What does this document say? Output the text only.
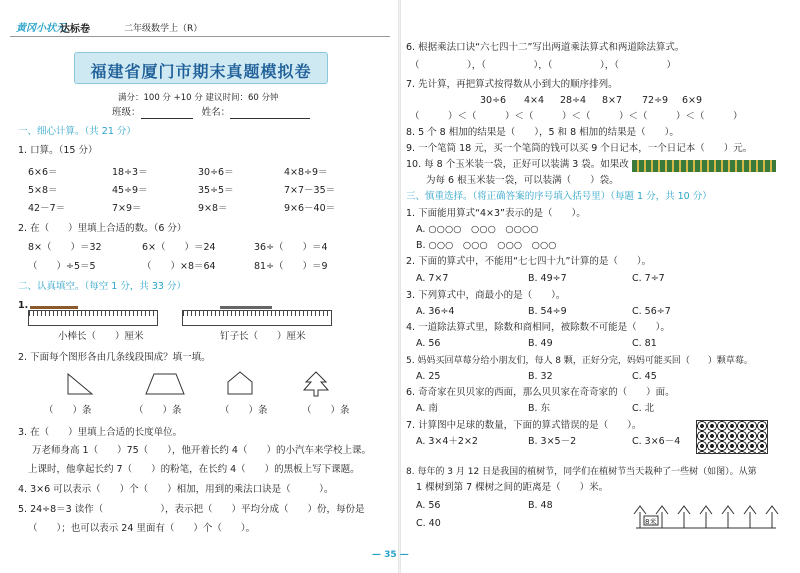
黄冈小状元
达标卷	二年级数学上（R）
福建省厦门市期末真题模拟卷
满分：100 分 +10 分 建议时间：60 分钟
班级：	姓名：
一、细心计算。（共 21 分）
1. 口算。（15 分）
6×6＝	18÷3＝	30÷6＝	4×8÷9＝
5×8＝	45÷9＝	35÷5＝	7×7－35＝
42－7＝	7×9＝	9×8＝	9×6－40＝
2. 在（　　）里填上合适的数。（6 分）
8×（　　）＝32	6×（　　）＝24	36÷（　　）＝4
（　　）÷5＝5	（　　）×8＝64	81÷（　　）＝9
二、认真填空。（每空 1 分，共 33 分）
1.
小棒长（　　）厘米	钉子长（　　）厘米
2. 下面每个图形各由几条线段围成？填一填。
（　　）条	（　　）条	（　　）条	（　　）条
3. 在（　　）里填上合适的长度单位。
万老师身高 1（　　）75（　　），他开着长约 4（　　）的小汽车来学校上课。
上课时，他拿起长约 7（　　）的粉笔，在长约 4（　　）的黑板上写下课题。
4. 3×6 可以表示（　　）个（　　）相加，用到的乘法口诀是（　　　）。
5. 24÷8＝3 读作（　　　　　　），表示把（　　）平均分成（　　）份，每份是
（　　）；也可以表示 24 里面有（　　）个（　　）。
6. 根据乘法口诀“六七四十二”写出两道乘法算式和两道除法算式。
（　　　　　），（　　　　　），（　　　　　），（　　　　　）
7. 先计算，再把算式按得数从小到大的顺序排列。
30÷6 4×4 28÷4 8×7 72÷9 6×9
（　　　）＜（　　　）＜（　　　）＜（　　　）＜（　　　）＜（　　　）
8. 5 个 8 相加的结果是（　　），5 和 8 相加的结果是（　　）。
9. 一个笔筒 18 元，买一个笔筒的钱可以买 9 个日记本，一个日记本（　　）元。
10. 每 8 个玉米装一袋，正好可以装满 3 袋。如果改
为每 6 根玉米装一袋，可以装满（　　）袋。
三、慎重选择。（将正确答案的序号填入括号里）（每题 1 分，共 10 分）
1. 下面能用算式“4×3”表示的是（　　）。
A. ○○○○　○○○　○○○○
B. ○○○　○○○　○○○　○○○
2. 下面的算式中，不能用“七七四十九”计算的是（　　）。
A. 7×7	B. 49÷7	C. 7÷7
3. 下列算式中，商最小的是（　　）。
A. 36÷4	B. 54÷9	C. 56÷7
4. 一道除法算式里，除数和商相同，被除数不可能是（　　）。
A. 56	B. 49	C. 81
5. 妈妈买回草莓分给小朋友们，每人 8 颗，正好分完，妈妈可能买回（　　）颗草莓。
A. 25	B. 32	C. 45
6. 奇奇家在贝贝家的西面，那么贝贝家在奇奇家的（　　）面。
A. 南	B. 东	C. 北
7. 计算图中足球的数量，下面的算式错误的是（　　）。
A. 3×4＋2×2	B. 3×5－2	C. 3×6－4
8. 每年的 3 月 12 日是我国的植树节，同学们在植树节当天栽种了一些树（如图）。从第
1 棵树到第 7 棵树之间的距离是（　　）米。
A. 56	B. 48
C. 40	8米
— 35 —
